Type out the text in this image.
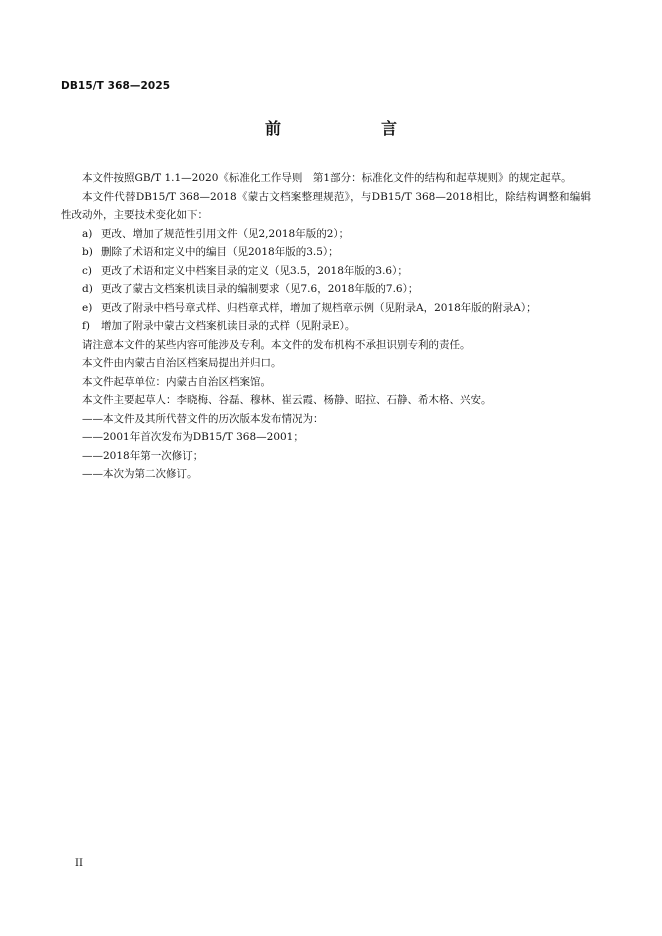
DB15/T 368—2025
前　言

本文件按照GB/T 1.1—2020《标准化工作导则　第1部分：标准化文件的结构和起草规则》的规定起草。

本文件代替DB15/T 368—2018《蒙古文档案整理规范》，与DB15/T 368—2018相比，除结构调整和编辑性改动外，主要技术变化如下：

a) 更改、增加了规范性引用文件（见2,2018年版的2）；

b) 删除了术语和定义中的编目（见2018年版的3.5）；

c) 更改了术语和定义中档案目录的定义（见3.5，2018年版的3.6）；

d) 更改了蒙古文档案机读目录的编制要求（见7.6，2018年版的7.6）；

e) 更改了附录中档号章式样、归档章式样，增加了规档章示例（见附录A，2018年版的附录A）；

f) 增加了附录中蒙古文档案机读目录的式样（见附录E）。

请注意本文件的某些内容可能涉及专利。本文件的发布机构不承担识别专利的责任。

本文件由内蒙古自治区档案局提出并归口。

本文件起草单位：内蒙古自治区档案馆。

本文件主要起草人：李晓梅、谷磊、穆林、崔云霞、杨静、昭拉、石静、希木格、兴安。

——本文件及其所代替文件的历次版本发布情况为：

——2001年首次发布为DB15/T 368—2001；

——2018年第一次修订；

——本次为第二次修订。

II
